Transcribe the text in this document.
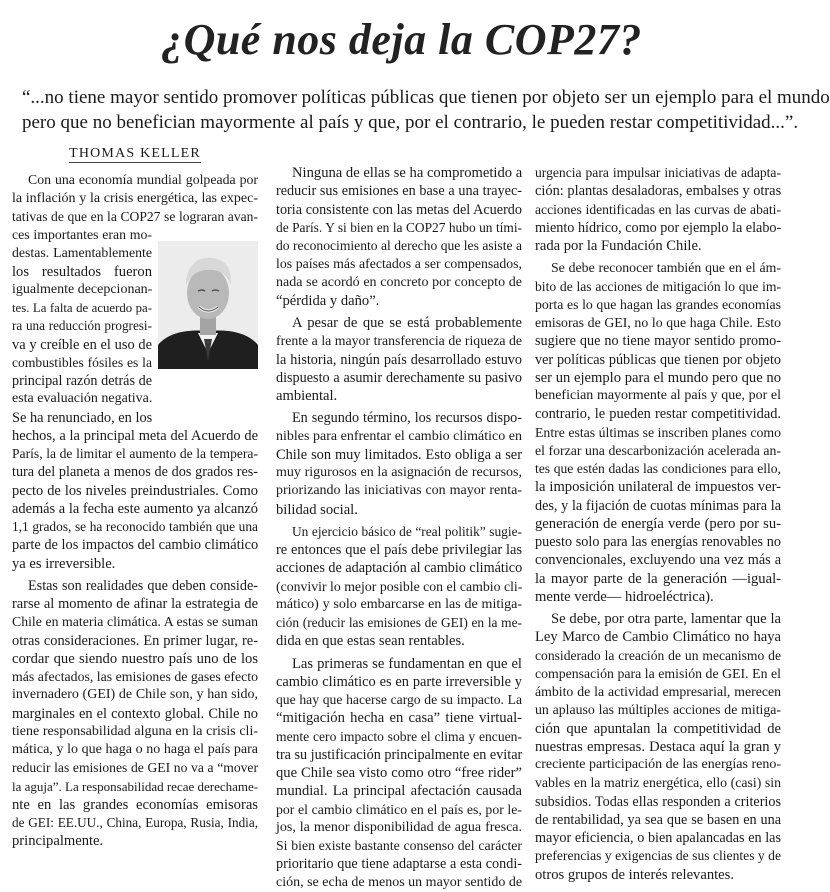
¿Qué nos deja la COP27?

“...no tiene mayor sentido promover políticas públicas que tienen por objeto ser un ejemplo para el mundo

pero que no benefician mayormente al país y que, por el contrario, le pueden restar competitividad...”.

THOMAS KELLER
Con una economía mundial golpeada por
la inflación y la crisis energética, las expec-
tativas de que en la COP27 se lograran avan-
ces importantes eran mo-
destas. Lamentablemente
los resultados fueron
igualmente decepcionan-
tes. La falta de acuerdo pa-
ra una reducción progresi-
va y creíble en el uso de
combustibles fósiles es la
principal razón detrás de
esta evaluación negativa.
Se ha renunciado, en los
hechos, a la principal meta del Acuerdo de
París, la de limitar el aumento de la tempera-
tura del planeta a menos de dos grados res-
pecto de los niveles preindustriales. Como
además a la fecha este aumento ya alcanzó
1,1 grados, se ha reconocido también que una
parte de los impactos del cambio climático
ya es irreversible.
Estas son realidades que deben conside-
rarse al momento de afinar la estrategia de
Chile en materia climática. A estas se suman
otras consideraciones. En primer lugar, re-
cordar que siendo nuestro país uno de los
más afectados, las emisiones de gases efecto
invernadero (GEI) de Chile son, y han sido,
marginales en el contexto global. Chile no
tiene responsabilidad alguna en la crisis cli-
mática, y lo que haga o no haga el país para
reducir las emisiones de GEI no va a “mover
la aguja”. La responsabilidad recae derechame-
nte en las grandes economías emisoras
de GEI: EE.UU., China, Europa, Rusia, India,
principalmente.
Ninguna de ellas se ha comprometido a
reducir sus emisiones en base a una trayec-
toria consistente con las metas del Acuerdo
de París. Y si bien en la COP27 hubo un tími-
do reconocimiento al derecho que les asiste a
los países más afectados a ser compensados,
nada se acordó en concreto por concepto de
“pérdida y daño”.
A pesar de que se está probablemente
frente a la mayor transferencia de riqueza de
la historia, ningún país desarrollado estuvo
dispuesto a asumir derechamente su pasivo
ambiental.
En segundo término, los recursos dispo-
nibles para enfrentar el cambio climático en
Chile son muy limitados. Esto obliga a ser
muy rigurosos en la asignación de recursos,
priorizando las iniciativas con mayor renta-
bilidad social.
Un ejercicio básico de “real politik” sugie-
re entonces que el país debe privilegiar las
acciones de adaptación al cambio climático
(convivir lo mejor posible con el cambio cli-
mático) y solo embarcarse en las de mitiga-
ción (reducir las emisiones de GEI) en la me-
dida en que estas sean rentables.
Las primeras se fundamentan en que el
cambio climático es en parte irreversible y
que hay que hacerse cargo de su impacto. La
“mitigación hecha en casa” tiene virtual-
mente cero impacto sobre el clima y encuen-
tra su justificación principalmente en evitar
que Chile sea visto como otro “free rider”
mundial. La principal afectación causada
por el cambio climático en el país es, por le-
jos, la menor disponibilidad de agua fresca.
Si bien existe bastante consenso del carácter
prioritario que tiene adaptarse a esta condi-
ción, se echa de menos un mayor sentido de
urgencia para impulsar iniciativas de adapta-
ción: plantas desaladoras, embalses y otras
acciones identificadas en las curvas de abati-
miento hídrico, como por ejemplo la elabo-
rada por la Fundación Chile.
Se debe reconocer también que en el ám-
bito de las acciones de mitigación lo que im-
porta es lo que hagan las grandes economías
emisoras de GEI, no lo que haga Chile. Esto
sugiere que no tiene mayor sentido promo-
ver políticas públicas que tienen por objeto
ser un ejemplo para el mundo pero que no
benefician mayormente al país y que, por el
contrario, le pueden restar competitividad.
Entre estas últimas se inscriben planes como
el forzar una descarbonización acelerada an-
tes que estén dadas las condiciones para ello,
la imposición unilateral de impuestos ver-
des, y la fijación de cuotas mínimas para la
generación de energía verde (pero por su-
puesto solo para las energías renovables no
convencionales, excluyendo una vez más a
la mayor parte de la generación —igual-
mente verde— hidroeléctrica).
Se debe, por otra parte, lamentar que la
Ley Marco de Cambio Climático no haya
considerado la creación de un mecanismo de
compensación para la emisión de GEI. En el
ámbito de la actividad empresarial, merecen
un aplauso las múltiples acciones de mitiga-
ción que apuntalan la competitividad de
nuestras empresas. Destaca aquí la gran y
creciente participación de las energías reno-
vables en la matriz energética, ello (casi) sin
subsidios. Todas ellas responden a criterios
de rentabilidad, ya sea que se basen en una
mayor eficiencia, o bien apalancadas en las
preferencias y exigencias de sus clientes y de
otros grupos de interés relevantes.
